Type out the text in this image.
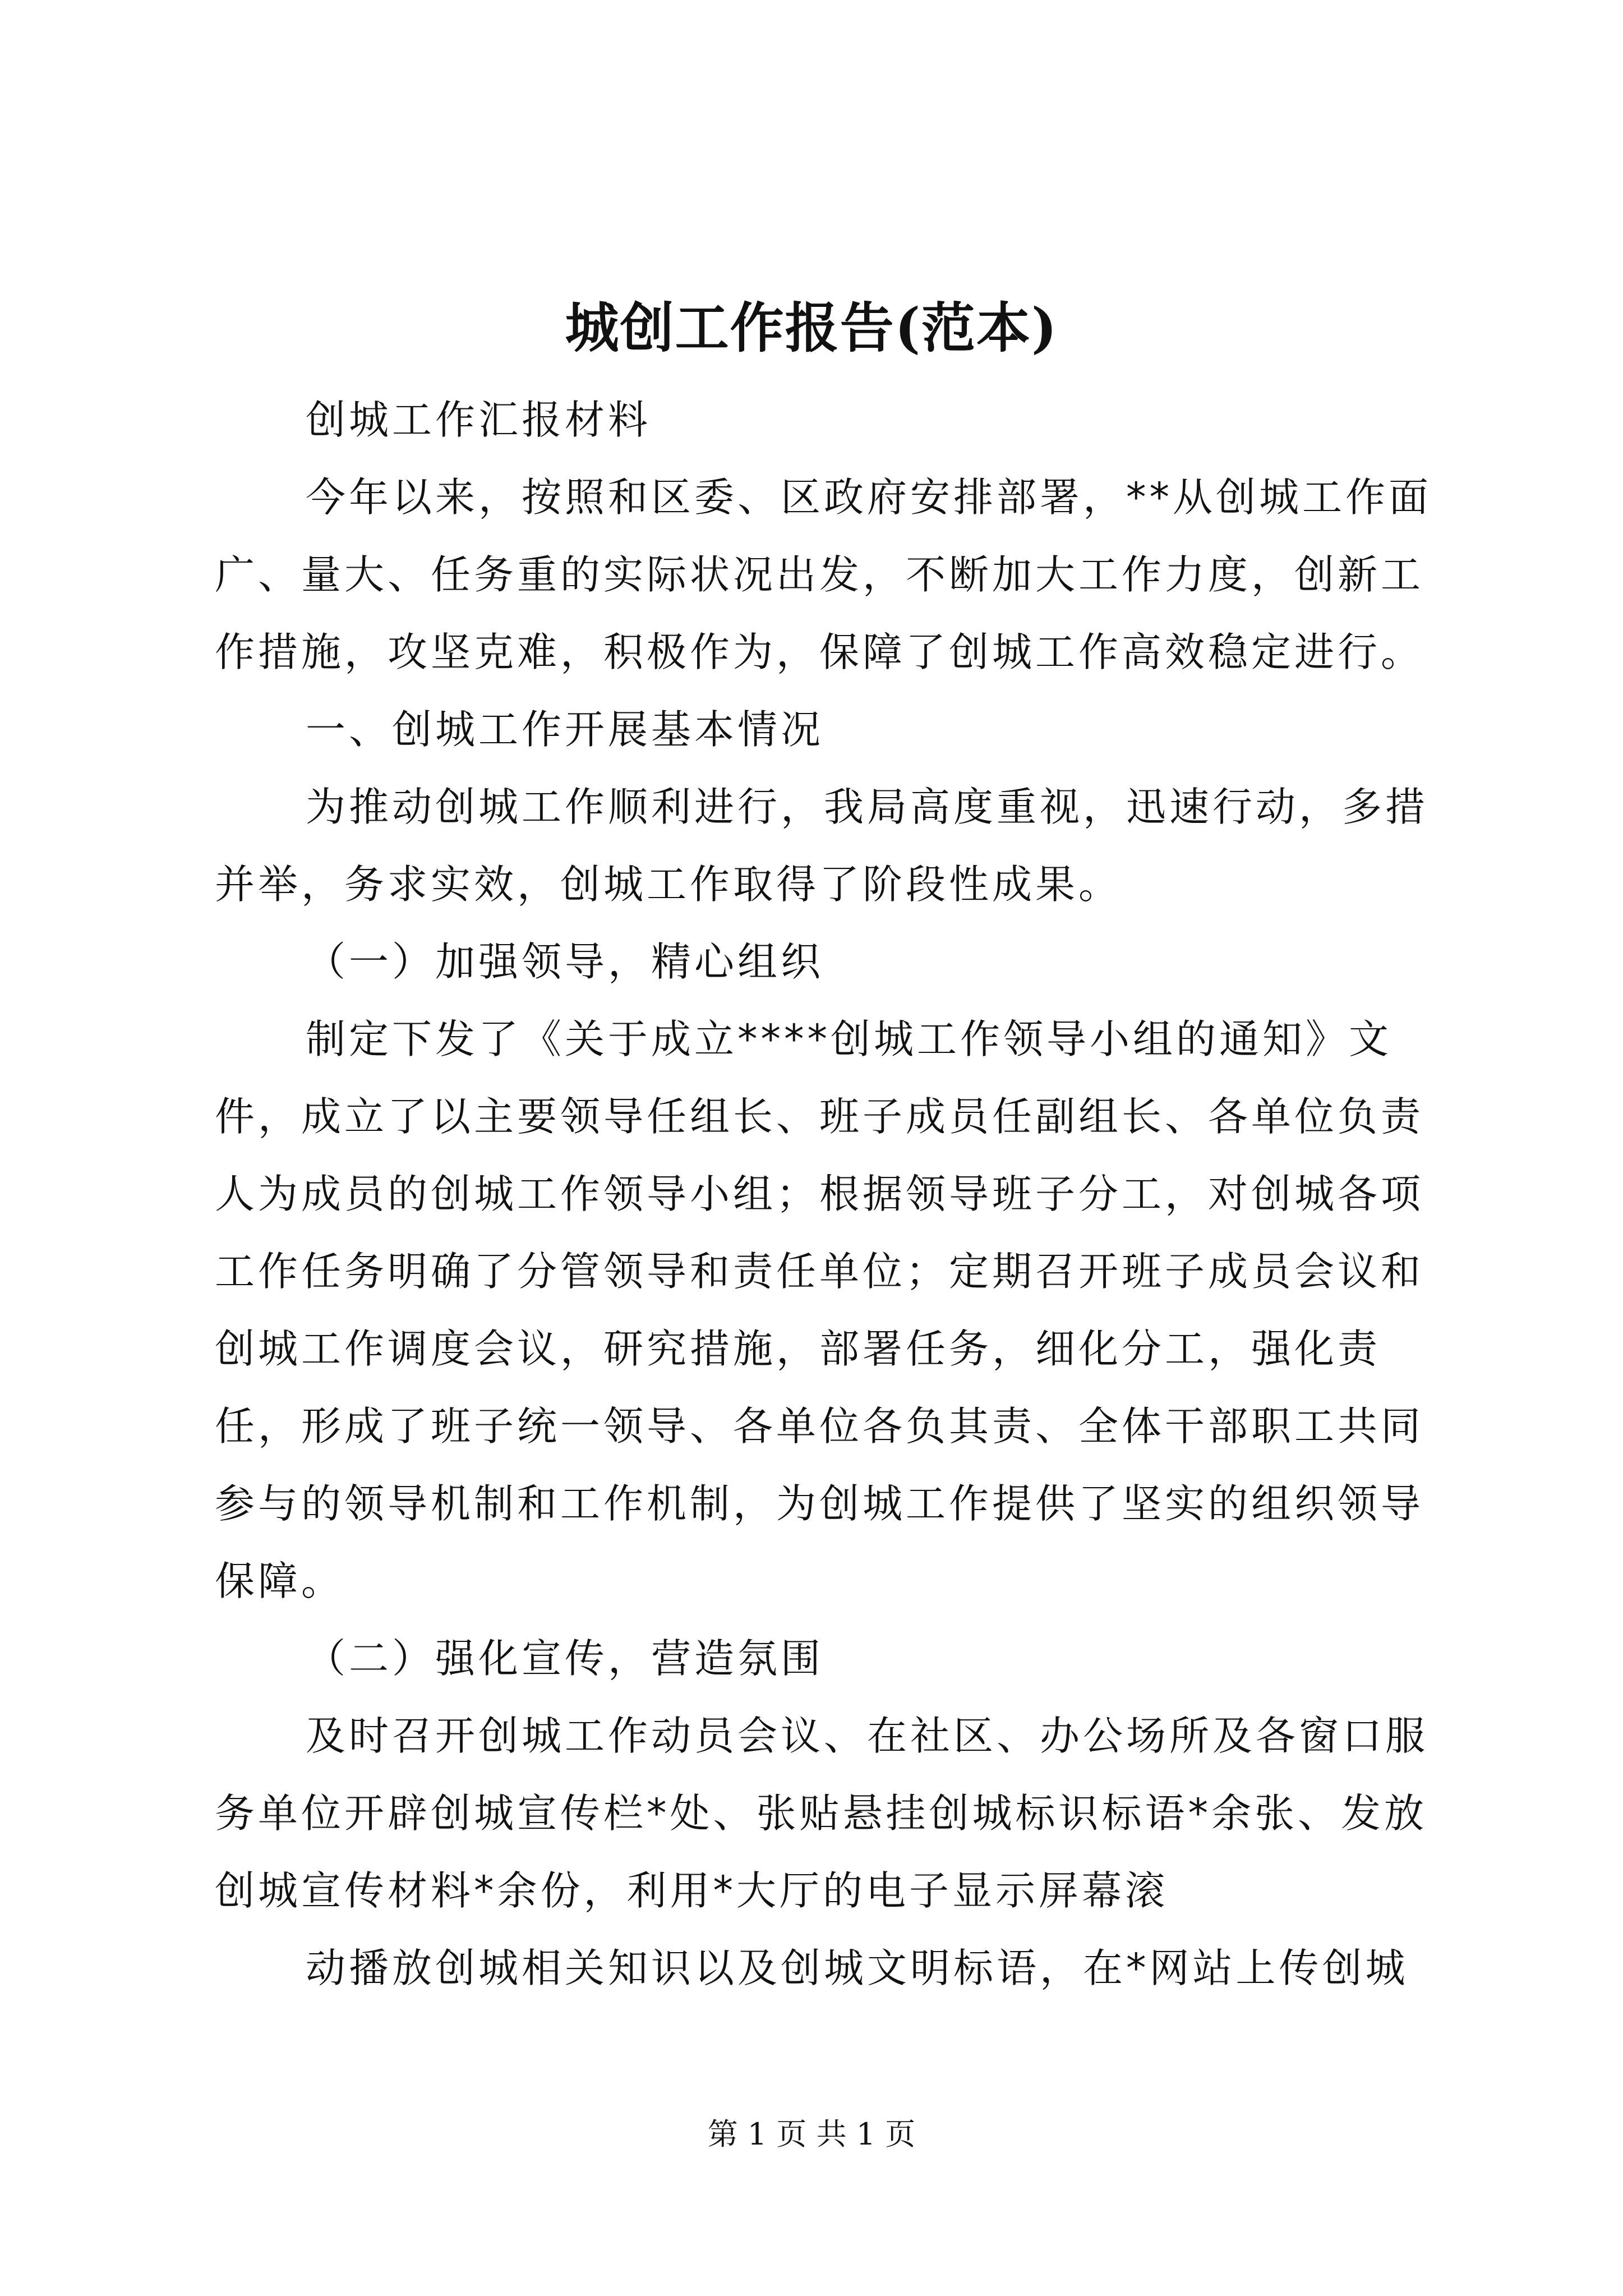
城创工作报告(范本)

创城工作汇报材料

今年以来，按照和区委、区政府安排部署，**从创城工作面广、量大、任务重的实际状况出发，不断加大工作力度，创新工作措施，攻坚克难，积极作为，保障了创城工作高效稳定进行。

一、创城工作开展基本情况

为推动创城工作顺利进行，我局高度重视，迅速行动，多措并举，务求实效，创城工作取得了阶段性成果。

（一）加强领导，精心组织

制定下发了《关于成立****创城工作领导小组的通知》文件，成立了以主要领导任组长、班子成员任副组长、各单位负责人为成员的创城工作领导小组；根据领导班子分工，对创城各项工作任务明确了分管领导和责任单位；定期召开班子成员会议和创城工作调度会议，研究措施，部署任务，细化分工，强化责任，形成了班子统一领导、各单位各负其责、全体干部职工共同参与的领导机制和工作机制，为创城工作提供了坚实的组织领导保障。

（二）强化宣传，营造氛围

及时召开创城工作动员会议、在社区、办公场所及各窗口服务单位开辟创城宣传栏*处、张贴悬挂创城标识标语*余张、发放创城宣传材料*余份，利用*大厅的电子显示屏幕滚

动播放创城相关知识以及创城文明标语，在*网站上传创城

第 1 页 共 1 页
